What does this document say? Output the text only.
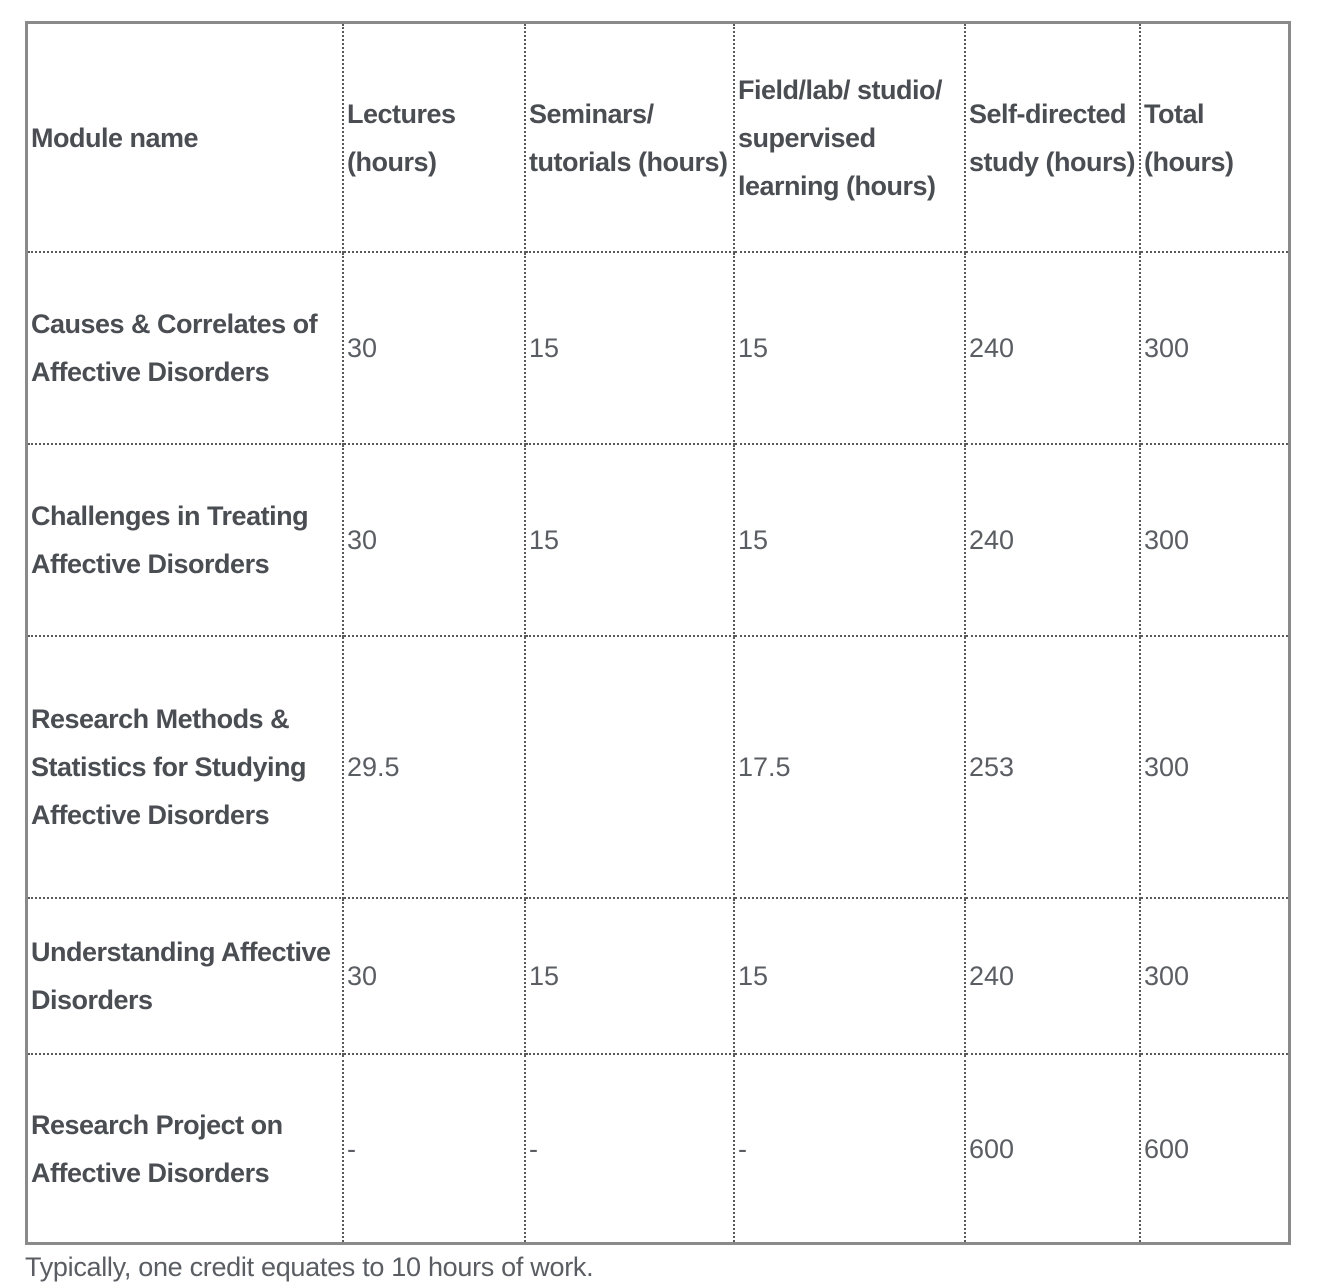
Module name	Lectures (hours)	Seminars/ tutorials (hours)	Field/lab/ studio/ supervised learning (hours)	Self-directed study (hours)	Total (hours)
Causes & Correlates of Affective Disorders	30	15	15	240	300
Challenges in Treating Affective Disorders	30	15	15	240	300
Research Methods & Statistics for Studying Affective Disorders	29.5		17.5	253	300
Understanding Affective Disorders	30	15	15	240	300
Research Project on Affective Disorders	-	-	-	600	600
Typically, one credit equates to 10 hours of work.
